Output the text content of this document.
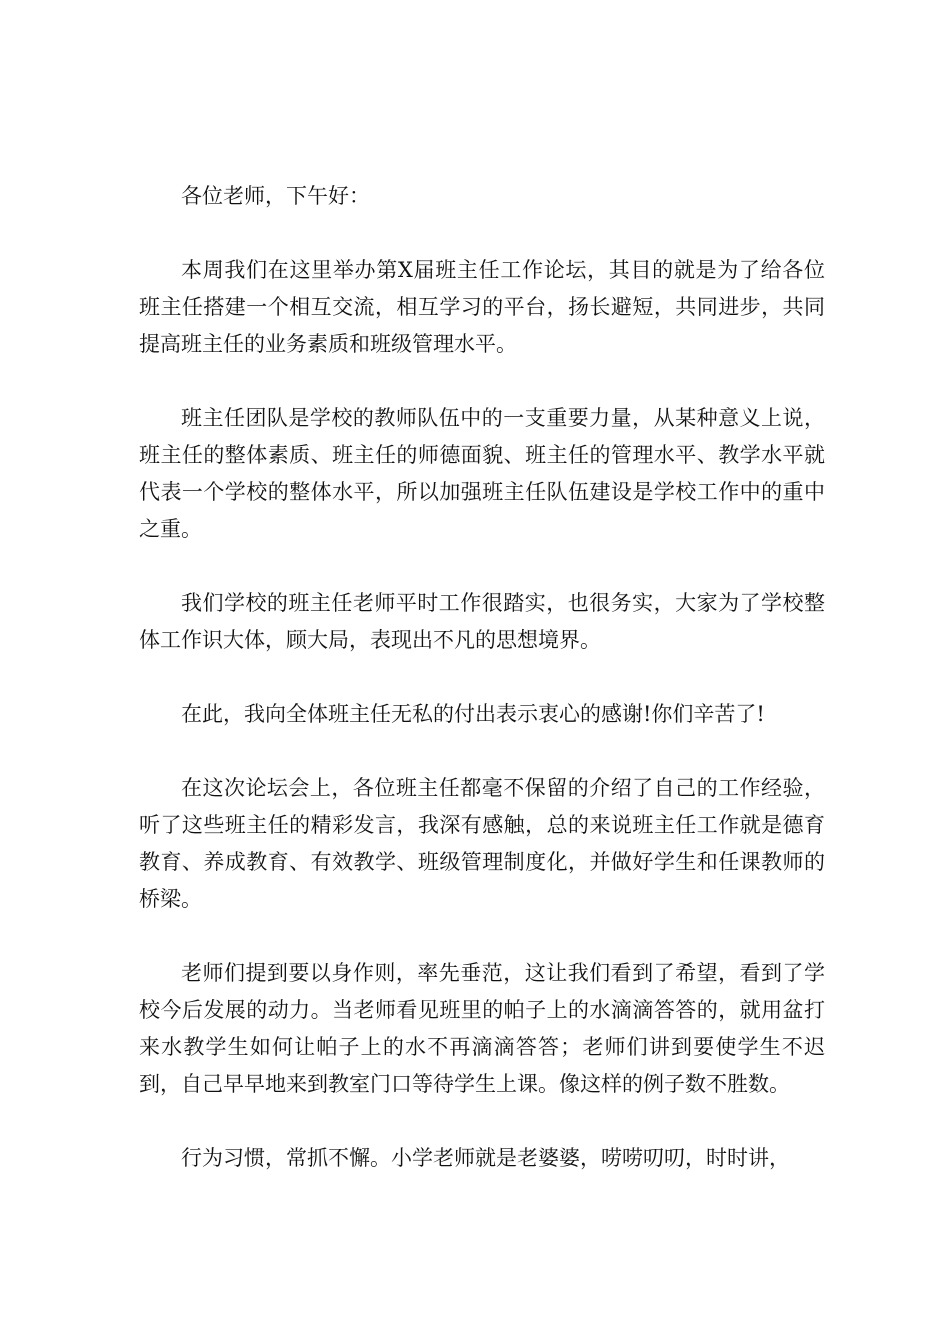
各位老师，下午好：

本周我们在这里举办第X届班主任工作论坛，其目的就是为了给各位班主任搭建一个相互交流，相互学习的平台，扬长避短，共同进步，共同提高班主任的业务素质和班级管理水平。

班主任团队是学校的教师队伍中的一支重要力量，从某种意义上说，班主任的整体素质、班主任的师德面貌、班主任的管理水平、教学水平就代表一个学校的整体水平，所以加强班主任队伍建设是学校工作中的重中之重。

我们学校的班主任老师平时工作很踏实，也很务实，大家为了学校整体工作识大体，顾大局，表现出不凡的思想境界。

在此，我向全体班主任无私的付出表示衷心的感谢!你们辛苦了!

在这次论坛会上，各位班主任都毫不保留的介绍了自己的工作经验，听了这些班主任的精彩发言，我深有感触，总的来说班主任工作就是德育教育、养成教育、有效教学、班级管理制度化，并做好学生和任课教师的桥梁。

老师们提到要以身作则，率先垂范，这让我们看到了希望，看到了学校今后发展的动力。当老师看见班里的帕子上的水滴滴答答的，就用盆打来水教学生如何让帕子上的水不再滴滴答答；老师们讲到要使学生不迟到，自己早早地来到教室门口等待学生上课。像这样的例子数不胜数。

行为习惯，常抓不懈。小学老师就是老婆婆，唠唠叨叨，时时讲，
